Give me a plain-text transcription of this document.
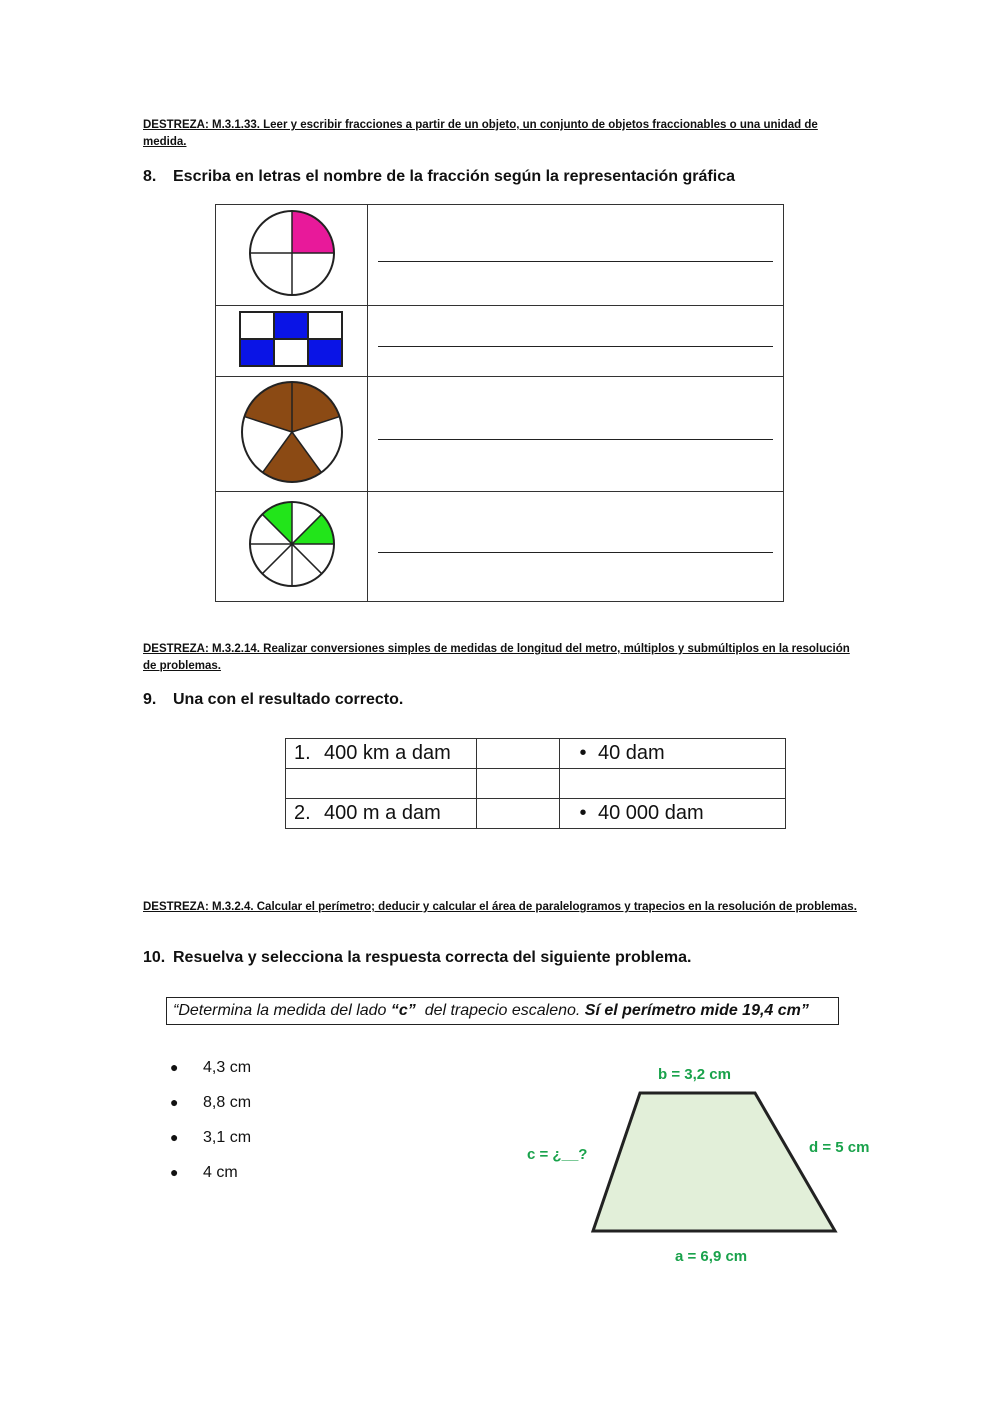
DESTREZA: M.3.1.33. Leer y escribir fracciones a partir de un objeto, un conjunto de objetos fraccionables o una unidad de medida.
8. Escriba en letras el nombre de la fracción según la representación gráfica

DESTREZA: M.3.2.14. Realizar conversiones simples de medidas de longitud del metro, múltiplos y submúltiplos en la resolución de problemas.
9. Una con el resultado correcto.
1. 400 km a dam		• 40 dam

2. 400 m a dam		• 40 000 dam
DESTREZA: M.3.2.4. Calcular el perímetro; deducir y calcular el área de paralelogramos y trapecios en la resolución de problemas.
10. Resuelva y selecciona la respuesta correcta del siguiente problema.
“Determina la medida del lado “c”  del trapecio escaleno. Sí el perímetro mide 19,4 cm”
● 4,3 cm
● 8,8 cm
● 3,1 cm
● 4 cm
b = 3,2 cm
c = ¿__?	d = 5 cm
a = 6,9 cm
